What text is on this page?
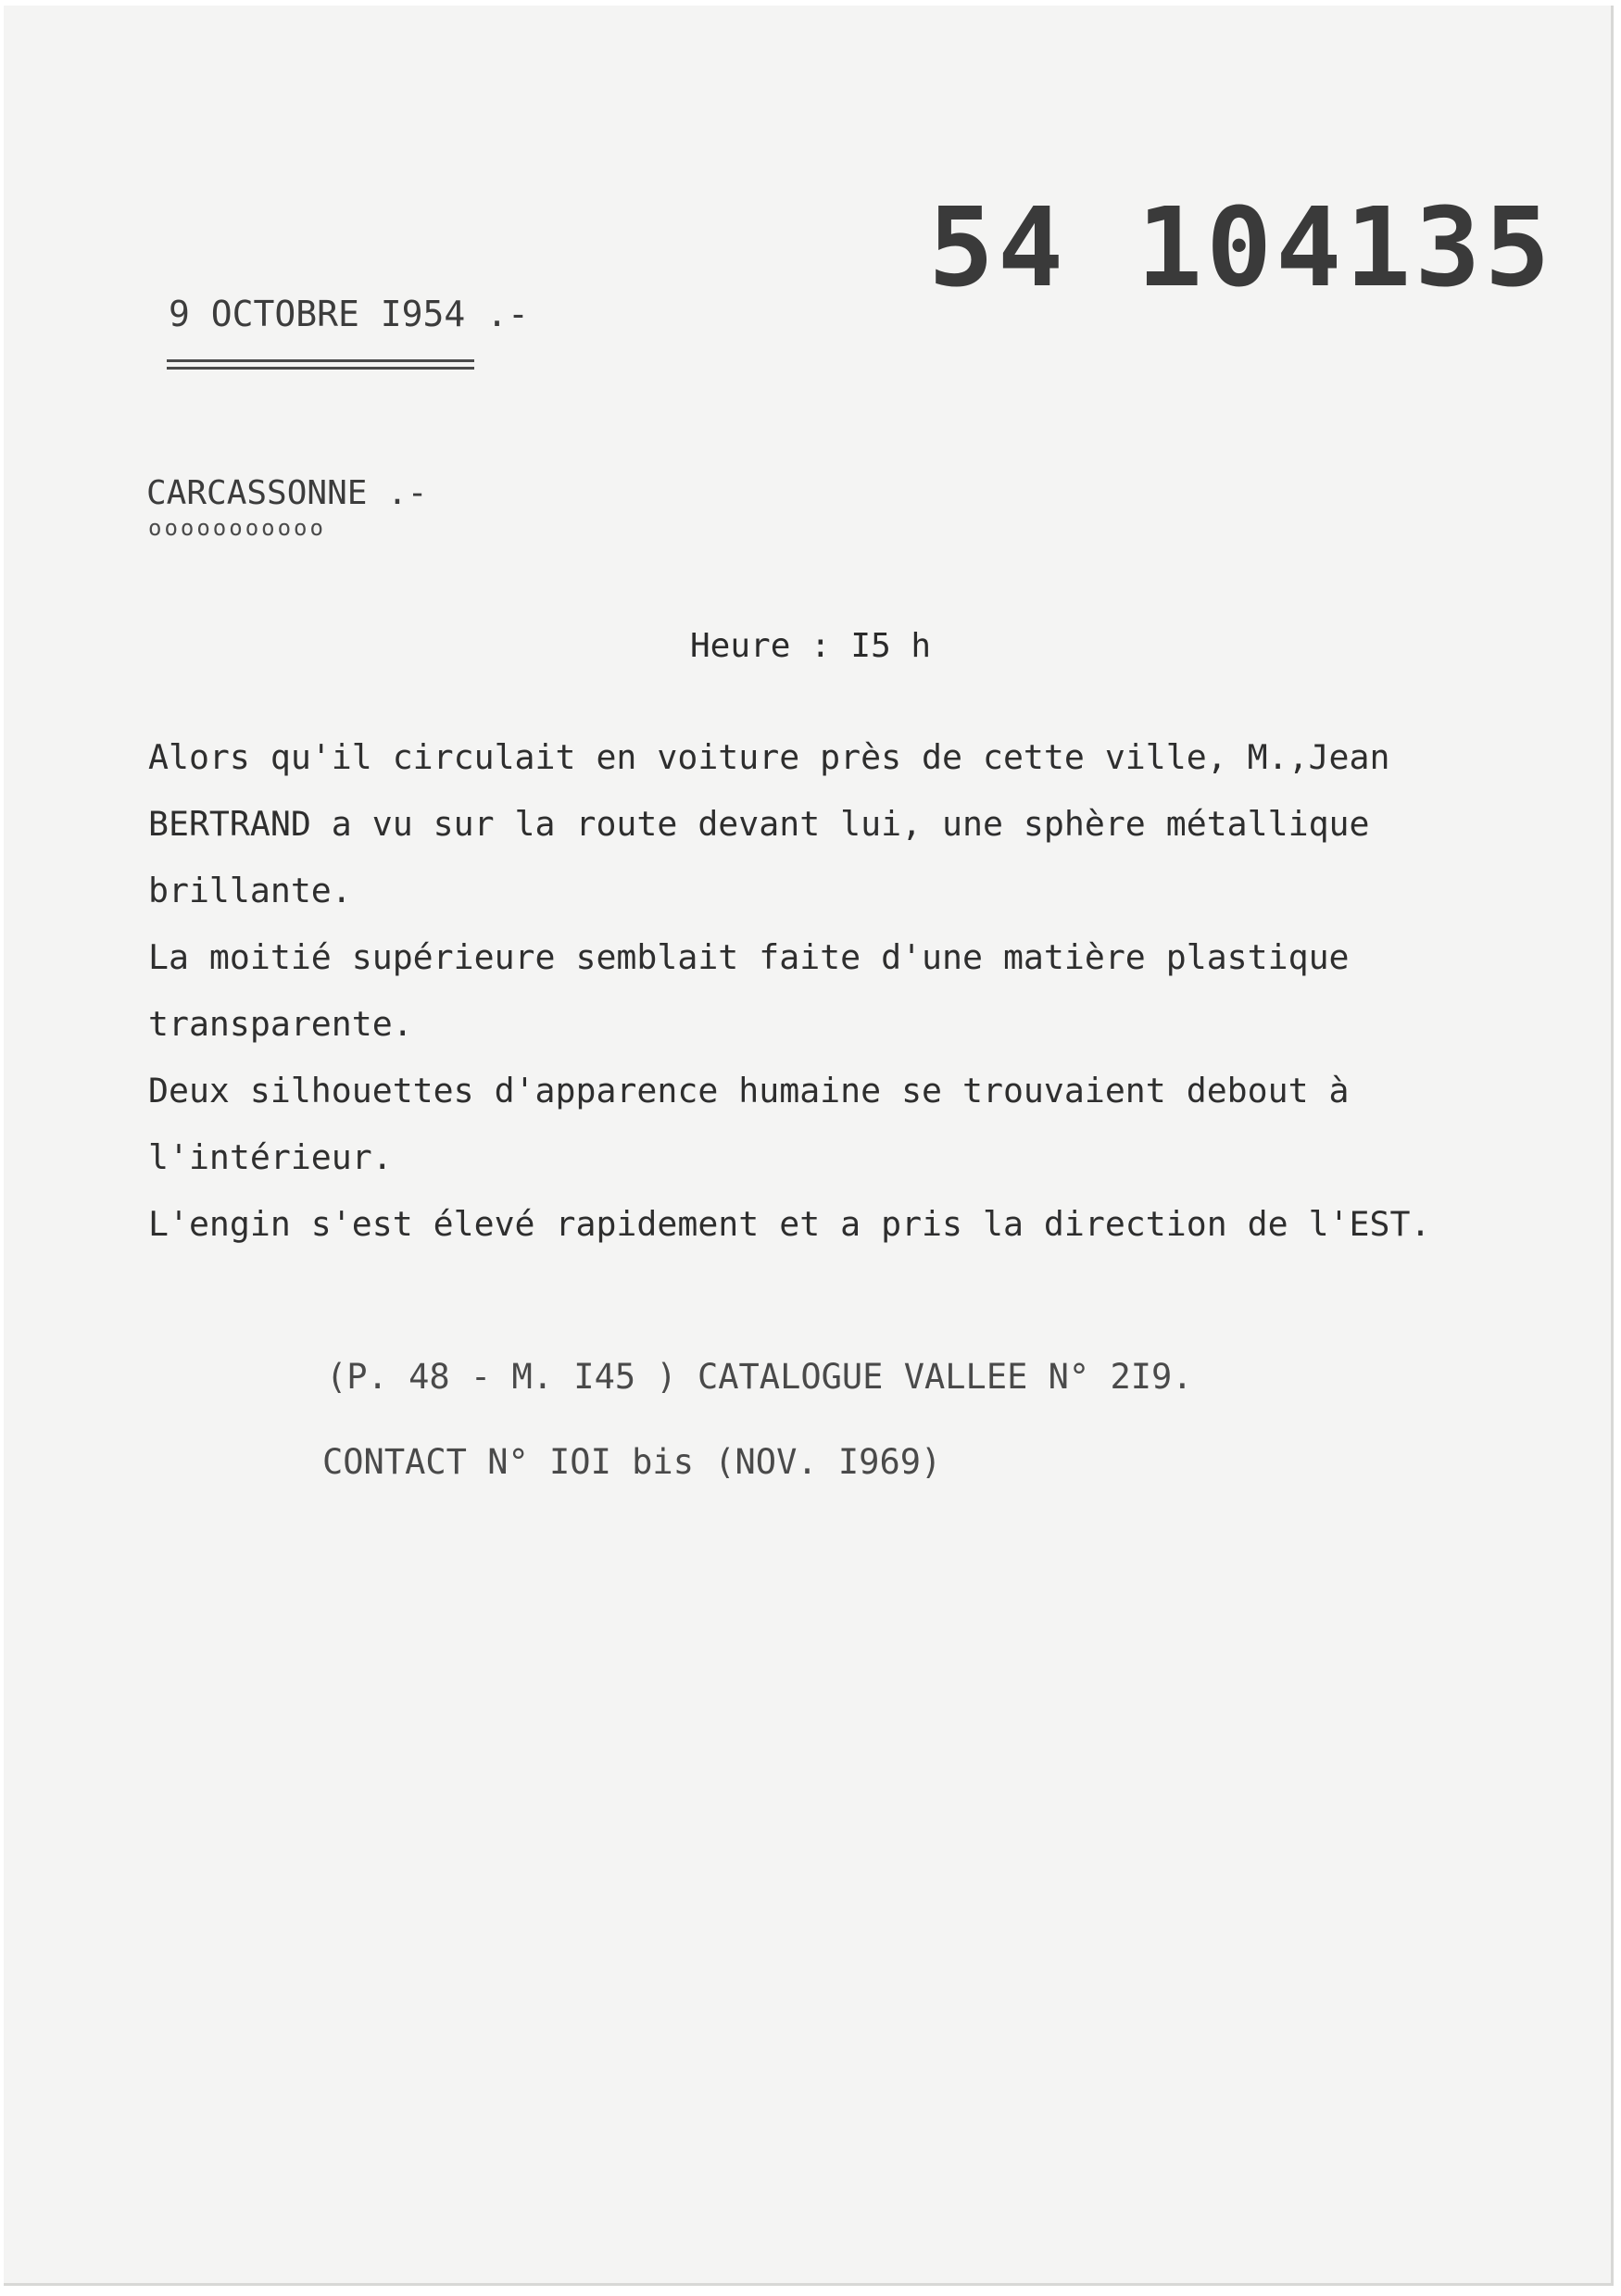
54 104135
9 OCTOBRE I954 .-
CARCASSONNE .-
ooooooooooo
Heure : I5 h
Alors qu'il circulait en voiture près de cette ville, M.,Jean
BERTRAND a vu sur la route devant lui, une sphère métallique
brillante.
La moitié supérieure semblait faite d'une matière plastique
transparente.
Deux silhouettes d'apparence humaine se trouvaient debout à
l'intérieur.
L'engin s'est élevé rapidement et a pris la direction de l'EST.
(P. 48 - M. I45 ) CATALOGUE VALLEE N° 2I9.
CONTACT N° IOI bis (NOV. I969)
